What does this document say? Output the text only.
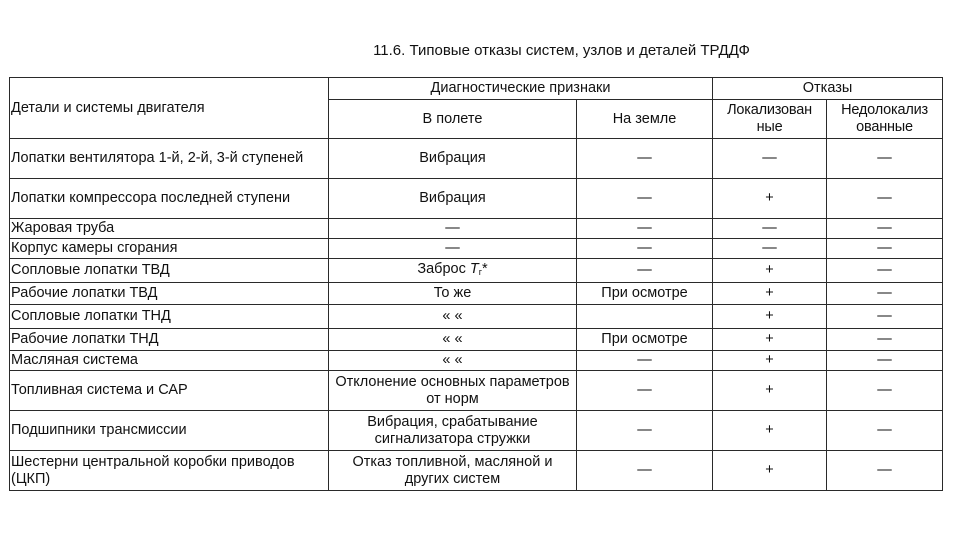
11.6. Типовые отказы систем, узлов и деталей ТРДДФ
Детали и системы двигателя	Диагностические признаки		Отказы	
	В полете	На земле	Локализован ные	Недолокализ ованные
Лопатки вентилятора 1-й, 2-й, 3-й ступеней	Вибрация	—	—	—
Лопатки компрессора последней ступени	Вибрация	—	+	—
Жаровая труба	—	—	—	—
Корпус камеры сгорания	—	—	—	—
Сопловые лопатки ТВД	Заброс $T_г*$	—	+	—
Рабочие лопатки ТВД	То же	При осмотре	+	—
Сопловые лопатки ТНД	« «		+	—
Рабочие лопатки ТНД	« «	При осмотре	+	—
Масляная система	« «	—	+	—
Топливная система и САР	Отклонение основных параметров от норм	—	+	—
Подшипники трансмиссии	Вибрация, срабатывание сигнализатора стружки	—	+	—
Шестерни центральной коробки приводов (ЦКП)	Отказ топливной, масляной и других систем	—	+	—
